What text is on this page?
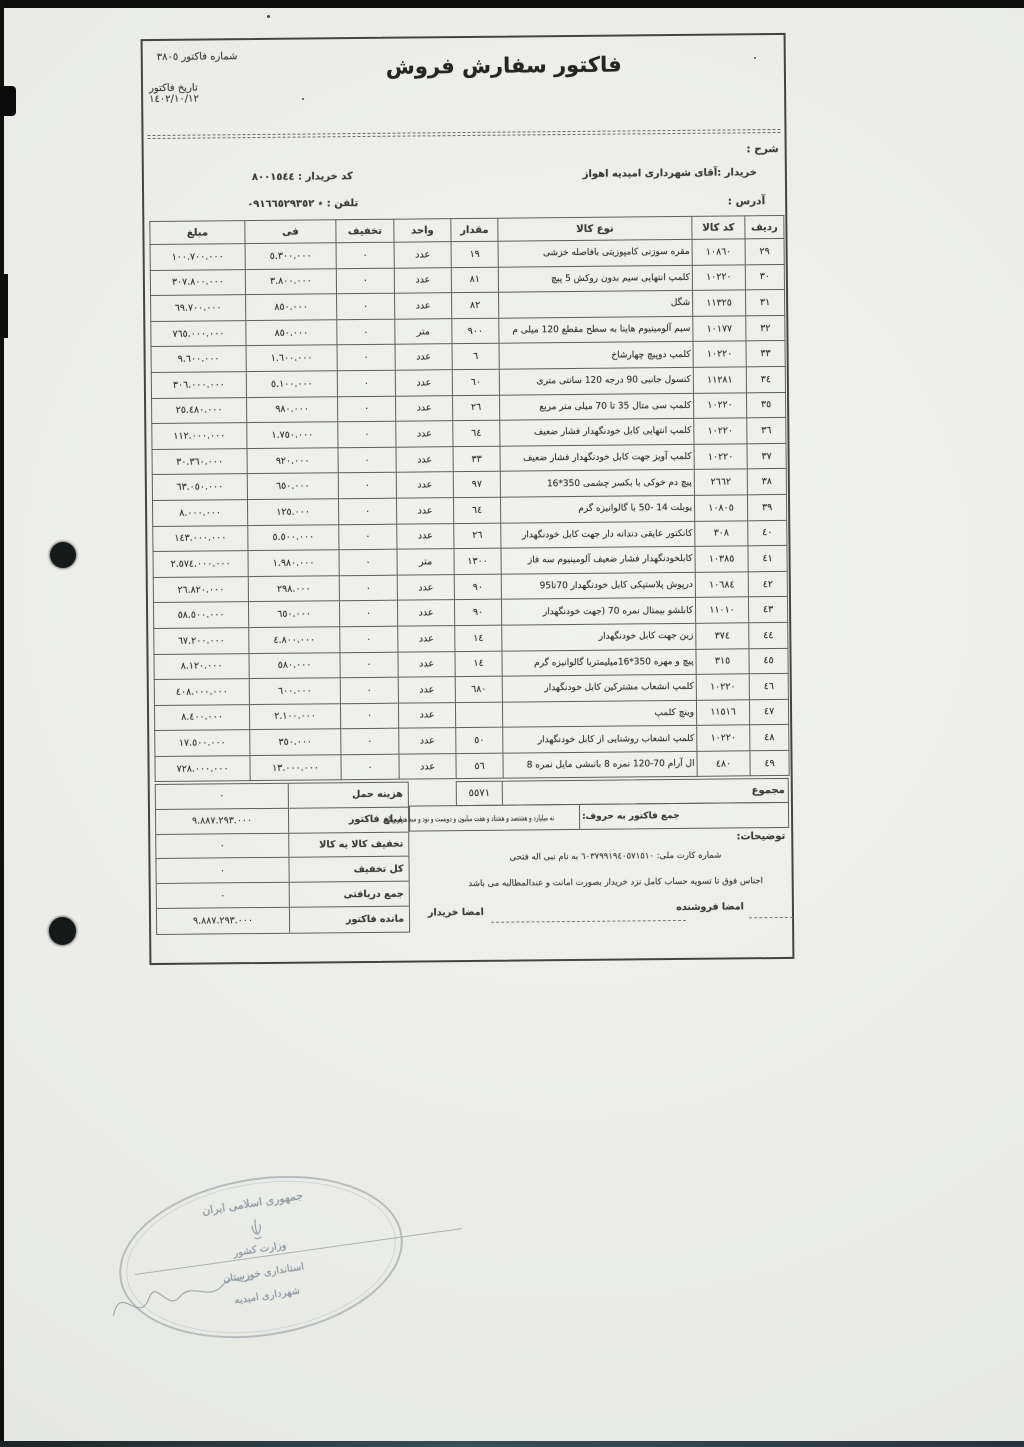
شماره فاکتور ٣٨٠٥
تاریخ فاکتور ١٤٠٢/١٠/١٢
فاکتور سفارش فروش
شرح :
خریدار :آقای شهرداری امیدیه اهواز
کد خریدار : ٨٠٠١٥٤٤
آدرس :
تلفن : ٭ ٠٩١٦٦٥٢٩٣٥٢
ردیف	کد کالا	نوع کالا	مقدار	واحد	تخفیف	فی	مبلغ
٢٩	١٠٨٦٠	مقره سوزنی کامپوزیتی بافاصله خزشی	١٩	عدد	٠	٥.٣٠٠.٠٠٠	١٠٠.٧٠٠.٠٠٠
٣٠	١٠٢٢٠	کلمپ انتهایی سیم بدون روکش 5 پیچ	٨١	عدد	٠	٣.٨٠٠.٠٠٠	٣٠٧.٨٠٠.٠٠٠
٣١	١١٣٢٥	شگل	٨٢	عدد	٠	٨٥٠.٠٠٠	٦٩.٧٠٠.٠٠٠
٣٢	١٠١٧٧	سیم آلومینیوم هاینا به سطح مقطع 120 میلی م	٩٠٠	متر	٠	٨٥٠.٠٠٠	٧٦٥.٠٠٠.٠٠٠
٣٣	١٠٢٢٠	کلمپ دوپیچ چهارشاخ	٦	عدد	٠	١.٦٠٠.٠٠٠	٩.٦٠٠.٠٠٠
٣٤	١١٢٨١	کنسول جانبی 90 درجه 120 سانتی متری	٦٠	عدد	٠	٥.١٠٠.٠٠٠	٣٠٦.٠٠٠.٠٠٠
٣٥	١٠٢٢٠	کلمپ سی متال 35 تا 70 میلی متر مربع	٢٦	عدد	٠	٩٨٠.٠٠٠	٢٥.٤٨٠.٠٠٠
٣٦	١٠٢٢٠	کلمپ انتهایی کابل خودنگهدار فشار ضعیف	٦٤	عدد	٠	١.٧٥٠.٠٠٠	١١٢.٠٠٠.٠٠٠
٣٧	١٠٢٢٠	کلمپ آویز جهت کابل خودنگهدار فشار ضعیف	٣٣	عدد	٠	٩٢٠.٠٠٠	٣٠.٣٦٠.٠٠٠
٣٨	٢٦٦٢	پیچ دم خوکی با بکسر چشمی 350*16	٩٧	عدد	٠	٦٥٠.٠٠٠	٦٣.٠٥٠.٠٠٠
٣٩	١٠٨٠٥	یوبلت 14 -50 با گالوانیزه گرم	٦٤	عدد	٠	١٢٥.٠٠٠	٨.٠٠٠.٠٠٠
٤٠	٣٠٨	کانکتور عایقی دندانه دار جهت کابل خودنگهدار	٢٦	عدد	٠	٥.٥٠٠.٠٠٠	١٤٣.٠٠٠.٠٠٠
٤١	١٠٣٨٥	کابلخودنگهدار فشار ضعیف آلومینیوم سه فاز	١٣٠٠	متر	٠	١.٩٨٠.٠٠٠	٢.٥٧٤.٠٠٠.٠٠٠
٤٢	١٠٦٨٤	درپوش پلاستیکی کابل خودنگهدار 70تا95	٩٠	عدد	٠	٢٩٨.٠٠٠	٢٦.٨٢٠.٠٠٠
٤٣	١١٠١٠	کابلشو بیمتال نمره 70 (جهت خودنگهدار	٩٠	عدد	٠	٦٥٠.٠٠٠	٥٨.٥٠٠.٠٠٠
٤٤	٣٧٤	زین جهت کابل خودنگهدار	١٤	عدد	٠	٤.٨٠٠.٠٠٠	٦٧.٢٠٠.٠٠٠
٤٥	٣١٥	پیچ و مهره 350*16میلیمتربا گالوانیزه گرم	١٤	عدد	٠	٥٨٠.٠٠٠	٨.١٢٠.٠٠٠
٤٦	١٠٢٢٠	کلمپ انشعاب مشترکین کابل خودنگهدار	٦٨٠	عدد	٠	٦٠٠.٠٠٠	٤٠٨.٠٠٠.٠٠٠
٤٧	١١٥١٦	وینچ کلمپ		عدد	٠	٢.١٠٠.٠٠٠	٨.٤٠٠.٠٠٠
٤٨	١٠٢٢٠	کلمپ انشعاب روشنایی از کابل خودنگهدار	٥٠	عدد	٠	٣٥٠.٠٠٠	١٧.٥٠٠.٠٠٠
٤٩	٤٨٠	ال آرام 70-120 نمره 8 بانبشی مایل نمره 8	٥٦	عدد	٠	١٣.٠٠٠.٠٠٠	٧٢٨.٠٠٠.٠٠٠
مجموع
٥٥٧١
٠	هزینه حمل
٩.٨٨٧.٢٩٣.٠٠٠	مبلغ فاکتور
٠	تخفیف کالا به کالا
٠	کل تخفیف
٠	جمع دریافتی
٩.٨٨٧.٢٩٣.٠٠٠	مانده فاکتور
جمع فاکتور به حروف:
نه میلیارد و هشتصد و هشتاد و هفت میلیون و دویست و نود و سه هزار ریال
توضیحات:
شماره کارت ملی: ٦٠٣٧٩٩١٩٤٠٥٧١٥١٠ به نام نبی اله فتحی
اجناس فوق تا تسویه حساب کامل نزد خریدار بصورت امانت و عندالمطالبه می باشد
امضا فروشنده
امضا خریدار
جمهوری اسلامی ایران
وزارت کشور
استانداری خوزستان
شهرداری امیدیه
